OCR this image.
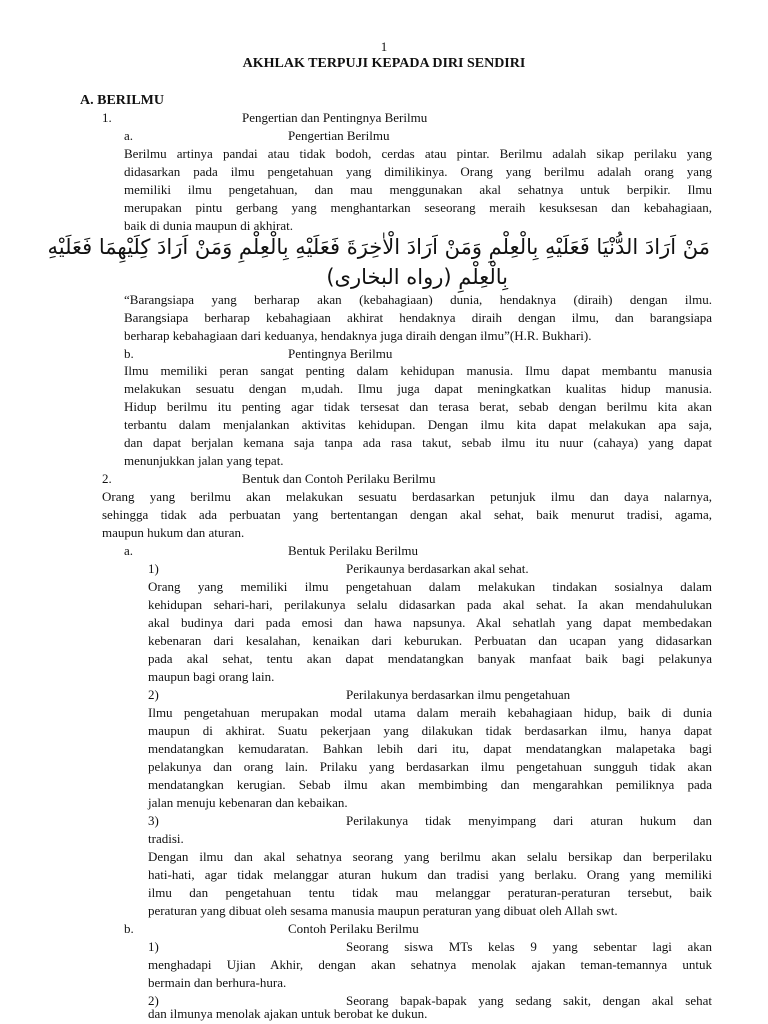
1
AKHLAK TERPUJI KEPADA DIRI SENDIRI
A. BERILMU
1.	Pengertian dan Pentingnya Berilmu
a.	Pengertian Berilmu
Berilmu artinya pandai atau tidak bodoh, cerdas atau pintar. Berilmu adalah sikap perilaku yang
didasarkan pada ilmu pengetahuan yang dimilikinya. Orang yang berilmu adalah orang yang
memiliki ilmu pengetahuan, dan mau menggunakan akal sehatnya untuk berpikir. Ilmu
merupakan pintu gerbang yang menghantarkan seseorang meraih kesuksesan dan kebahagiaan,
baik di dunia maupun di akhirat.
مَنْ اَرَادَ الدُّنْيَا فَعَلَيْهِ بِالْعِلْمِ وَمَنْ اَرَادَ الْاٰخِرَةَ فَعَلَيْهِ بِالْعِلْمِ وَمَنْ اَرَادَ كِلَيْهِمَا فَعَلَيْهِ
بِالْعِلْمِ (رواه البخارى)
“Barangsiapa yang berharap akan (kebahagiaan) dunia, hendaknya (diraih) dengan ilmu.
Barangsiapa berharap kebahagiaan akhirat hendaknya diraih dengan ilmu, dan barangsiapa
berharap kebahagiaan dari keduanya, hendaknya juga diraih dengan ilmu”(H.R. Bukhari).
b.	Pentingnya Berilmu
Ilmu memiliki peran sangat penting dalam kehidupan manusia. Ilmu dapat membantu manusia
melakukan sesuatu dengan m,udah. Ilmu juga dapat meningkatkan kualitas hidup manusia.
Hidup berilmu itu penting agar tidak tersesat dan terasa berat, sebab dengan berilmu kita akan
terbantu dalam menjalankan aktivitas kehidupan. Dengan ilmu kita dapat melakukan apa saja,
dan dapat berjalan kemana saja tanpa ada rasa takut, sebab ilmu itu nuur (cahaya) yang dapat
menunjukkan jalan yang tepat.
2.	Bentuk dan Contoh Perilaku Berilmu
Orang yang berilmu akan melakukan sesuatu berdasarkan petunjuk ilmu dan daya nalarnya,
sehingga tidak ada perbuatan yang bertentangan dengan akal sehat, baik menurut tradisi, agama,
maupun hukum dan aturan.
a.	Bentuk Perilaku Berilmu
1)	Perikaunya berdasarkan akal sehat.
Orang yang memiliki ilmu pengetahuan dalam melakukan tindakan sosialnya dalam
kehidupan sehari-hari, perilakunya selalu didasarkan pada akal sehat. Ia akan mendahulukan
akal budinya dari pada emosi dan hawa napsunya. Akal sehatlah yang dapat membedakan
kebenaran dari kesalahan, kenaikan dari keburukan. Perbuatan dan ucapan yang didasarkan
pada akal sehat, tentu akan dapat mendatangkan banyak manfaat baik bagi pelakunya
maupun bagi orang lain.
2)	Perilakunya berdasarkan ilmu pengetahuan
Ilmu pengetahuan merupakan modal utama dalam meraih kebahagiaan hidup, baik di dunia
maupun di akhirat. Suatu pekerjaan yang dilakukan tidak berdasarkan ilmu, hanya dapat
mendatangkan kemudaratan. Bahkan lebih dari itu, dapat mendatangkan malapetaka bagi
pelakunya dan orang lain. Prilaku yang berdasarkan ilmu pengetahuan sungguh tidak akan
mendatangkan kerugian. Sebab ilmu akan membimbing dan mengarahkan pemiliknya pada
jalan menuju kebenaran dan kebaikan.
3)	Perilakunya tidak menyimpang dari aturan hukum dan
tradisi.
Dengan ilmu dan akal sehatnya seorang yang berilmu akan selalu bersikap dan berperilaku
hati-hati, agar tidak melanggar aturan hukum dan tradisi yang berlaku. Orang yang memiliki
ilmu dan pengetahuan tentu tidak mau melanggar peraturan-peraturan tersebut, baik
peraturan yang dibuat oleh sesama manusia maupun peraturan yang dibuat oleh Allah swt.
b.	Contoh Perilaku Berilmu
1)	Seorang siswa MTs kelas 9 yang sebentar lagi akan
menghadapi Ujian Akhir, dengan akan sehatnya menolak ajakan teman-temannya untuk
bermain dan berhura-hura.
2)	Seorang bapak-bapak yang sedang sakit, dengan akal sehat
dan ilmunya menolak ajakan untuk berobat ke dukun.
